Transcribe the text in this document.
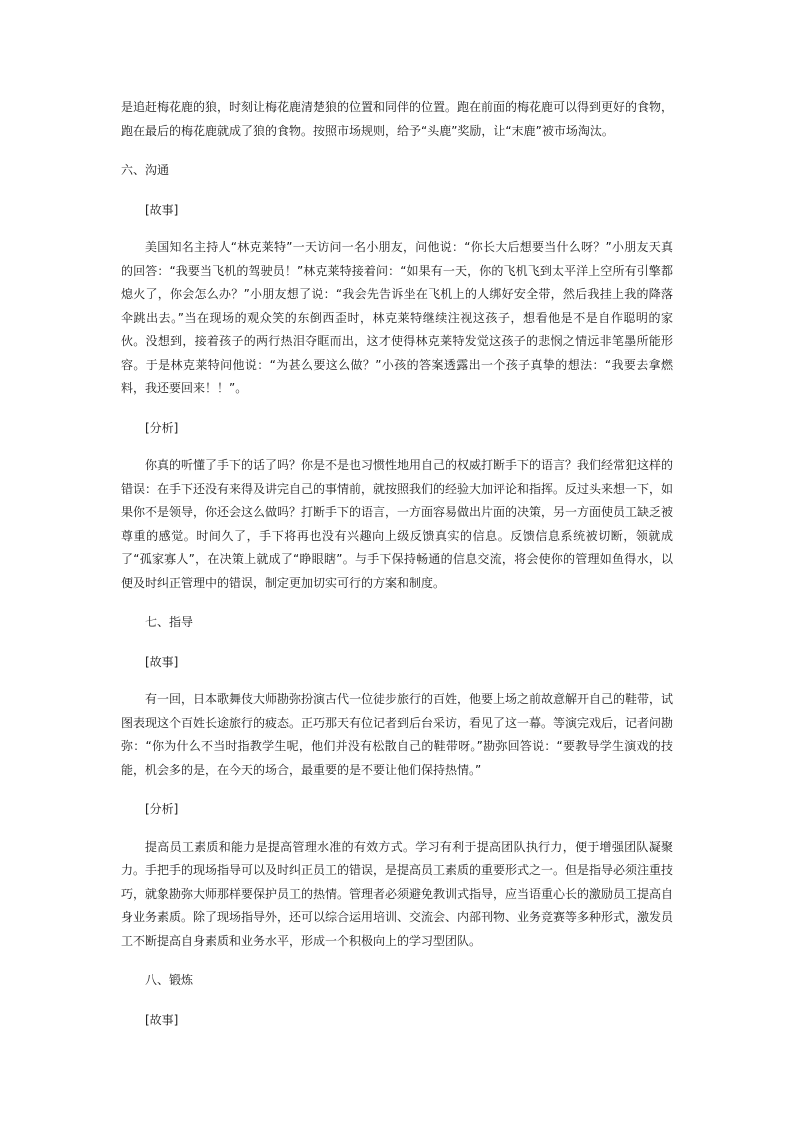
是追赶梅花鹿的狼，时刻让梅花鹿清楚狼的位置和同伴的位置。跑在前面的梅花鹿可以得到更好的食物，跑在最后的梅花鹿就成了狼的食物。按照市场规则，给予“头鹿”奖励，让“末鹿”被市场淘汰。

六、沟通

[故事]

美国知名主持人“林克莱特”一天访问一名小朋友，问他说：“你长大后想要当什么呀？”小朋友天真的回答：“我要当飞机的驾驶员！”林克莱特接着问：“如果有一天，你的飞机飞到太平洋上空所有引擎都熄火了，你会怎么办？”小朋友想了说：“我会先告诉坐在飞机上的人绑好安全带，然后我挂上我的降落伞跳出去。”当在现场的观众笑的东倒西歪时，林克莱特继续注视这孩子，想看他是不是自作聪明的家伙。没想到，接着孩子的两行热泪夺眶而出，这才使得林克莱特发觉这孩子的悲悯之情远非笔墨所能形容。于是林克莱特问他说：“为甚么要这么做？”小孩的答案透露出一个孩子真挚的想法：“我要去拿燃料，我还要回来！！”。

[分析]

你真的听懂了手下的话了吗？你是不是也习惯性地用自己的权威打断手下的语言？我们经常犯这样的错误：在手下还没有来得及讲完自己的事情前，就按照我们的经验大加评论和指挥。反过头来想一下，如果你不是领导，你还会这么做吗？打断手下的语言，一方面容易做出片面的决策，另一方面使员工缺乏被尊重的感觉。时间久了，手下将再也没有兴趣向上级反馈真实的信息。反馈信息系统被切断，领就成了“孤家寡人”，在决策上就成了“睁眼瞎”。与手下保持畅通的信息交流，将会使你的管理如鱼得水，以便及时纠正管理中的错误，制定更加切实可行的方案和制度。

七、指导

[故事]

有一回，日本歌舞伎大师勘弥扮演古代一位徒步旅行的百姓，他要上场之前故意解开自己的鞋带，试图表现这个百姓长途旅行的疲态。正巧那天有位记者到后台采访，看见了这一幕。等演完戏后，记者问勘弥：“你为什么不当时指教学生呢，他们并没有松散自己的鞋带呀。”勘弥回答说：“要教导学生演戏的技能，机会多的是，在今天的场合，最重要的是不要让他们保持热情。”

[分析]

提高员工素质和能力是提高管理水准的有效方式。学习有利于提高团队执行力，便于增强团队凝聚力。手把手的现场指导可以及时纠正员工的错误，是提高员工素质的重要形式之一。但是指导必须注重技巧，就象勘弥大师那样要保护员工的热情。管理者必须避免教训式指导，应当语重心长的激励员工提高自身业务素质。除了现场指导外，还可以综合运用培训、交流会、内部刊物、业务竞赛等多种形式，激发员工不断提高自身素质和业务水平，形成一个积极向上的学习型团队。

八、锻炼

[故事]
